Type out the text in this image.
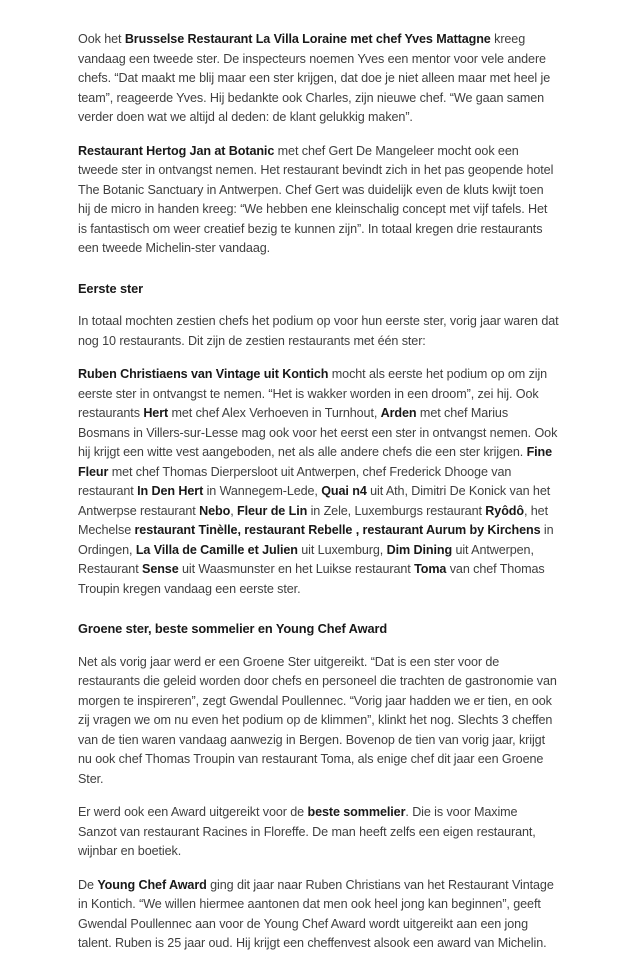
Ook het Brusselse Restaurant La Villa Loraine met chef Yves Mattagne kreeg vandaag een tweede ster. De inspecteurs noemen Yves een mentor voor vele andere chefs. “Dat maakt me blij maar een ster krijgen, dat doe je niet alleen maar met heel je team”, reageerde Yves. Hij bedankte ook Charles, zijn nieuwe chef. “We gaan samen verder doen wat we altijd al deden: de klant gelukkig maken”.

Restaurant Hertog Jan at Botanic met chef Gert De Mangeleer mocht ook een tweede ster in ontvangst nemen. Het restaurant bevindt zich in het pas geopende hotel The Botanic Sanctuary in Antwerpen. Chef Gert was duidelijk even de kluts kwijt toen hij de micro in handen kreeg: “We hebben ene kleinschalig concept met vijf tafels. Het is fantastisch om weer creatief bezig te kunnen zijn”. In totaal kregen drie restaurants een tweede Michelin-ster vandaag.

Eerste ster

In totaal mochten zestien chefs het podium op voor hun eerste ster, vorig jaar waren dat nog 10 restaurants. Dit zijn de zestien restaurants met één ster:

Ruben Christiaens van Vintage uit Kontich mocht als eerste het podium op om zijn eerste ster in ontvangst te nemen. “Het is wakker worden in een droom”, zei hij. Ook restaurants Hert met chef Alex Verhoeven in Turnhout, Arden met chef Marius Bosmans in Villers-sur-Lesse mag ook voor het eerst een ster in ontvangst nemen. Ook hij krijgt een witte vest aangeboden, net als alle andere chefs die een ster krijgen. Fine Fleur met chef Thomas Dierpersloot uit Antwerpen, chef Frederick Dhooge van restaurant In Den Hert in Wannegem-Lede, Quai n4 uit Ath, Dimitri De Konick van het Antwerpse restaurant Nebo, Fleur de Lin in Zele, Luxemburgs restaurant Ryôdô, het Mechelse restaurant Tinèlle, restaurant Rebelle , restaurant Aurum by Kirchens in Ordingen, La Villa de Camille et Julien uit Luxemburg, Dim Dining uit Antwerpen, Restaurant Sense uit Waasmunster en het Luikse restaurant Toma van chef Thomas Troupin kregen vandaag een eerste ster.

Groene ster, beste sommelier en Young Chef Award

Net als vorig jaar werd er een Groene Ster uitgereikt. “Dat is een ster voor de restaurants die geleid worden door chefs en personeel die trachten de gastronomie van morgen te inspireren”, zegt Gwendal Poullennec. “Vorig jaar hadden we er tien, en ook zij vragen we om nu even het podium op de klimmen”, klinkt het nog. Slechts 3 cheffen van de tien waren vandaag aanwezig in Bergen. Bovenop de tien van vorig jaar, krijgt nu ook chef Thomas Troupin van restaurant Toma, als enige chef dit jaar een Groene Ster.

Er werd ook een Award uitgereikt voor de beste sommelier. Die is voor Maxime Sanzot van restaurant Racines in Floreffe. De man heeft zelfs een eigen restaurant, wijnbar en boetiek.

De Young Chef Award ging dit jaar naar Ruben Christians van het Restaurant Vintage in Kontich. “We willen hiermee aantonen dat men ook heel jong kan beginnen”, geeft Gwendal Poullennec aan voor de Young Chef Award wordt uitgereikt aan een jong talent. Ruben is 25 jaar oud. Hij krijgt een cheffenvest alsook een award van Michelin.
